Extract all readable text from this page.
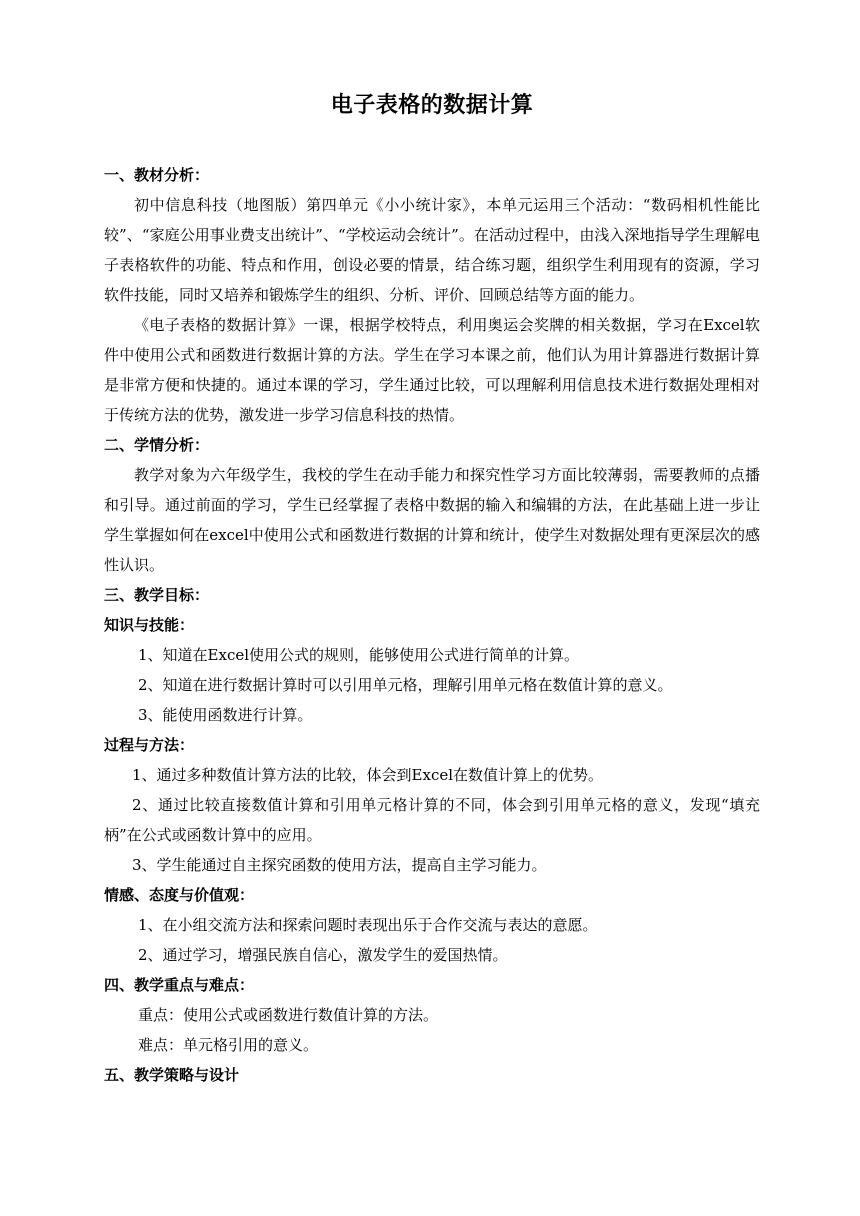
电子表格的数据计算

一、教材分析：

初中信息科技（地图版）第四单元《小小统计家》，本单元运用三个活动：“数码相机性能比较”、“家庭公用事业费支出统计”、“学校运动会统计”。在活动过程中，由浅入深地指导学生理解电子表格软件的功能、特点和作用，创设必要的情景，结合练习题，组织学生利用现有的资源，学习软件技能，同时又培养和锻炼学生的组织、分析、评价、回顾总结等方面的能力。

《电子表格的数据计算》一课，根据学校特点，利用奥运会奖牌的相关数据，学习在Excel软件中使用公式和函数进行数据计算的方法。学生在学习本课之前，他们认为用计算器进行数据计算是非常方便和快捷的。通过本课的学习，学生通过比较，可以理解利用信息技术进行数据处理相对于传统方法的优势，激发进一步学习信息科技的热情。

二、学情分析：

教学对象为六年级学生，我校的学生在动手能力和探究性学习方面比较薄弱，需要教师的点播和引导。通过前面的学习，学生已经掌握了表格中数据的输入和编辑的方法，在此基础上进一步让学生掌握如何在excel中使用公式和函数进行数据的计算和统计，使学生对数据处理有更深层次的感性认识。

三、教学目标：

知识与技能：

1、知道在Excel使用公式的规则，能够使用公式进行简单的计算。

2、知道在进行数据计算时可以引用单元格，理解引用单元格在数值计算的意义。

3、能使用函数进行计算。

过程与方法：

1、通过多种数值计算方法的比较，体会到Excel在数值计算上的优势。

2、通过比较直接数值计算和引用单元格计算的不同，体会到引用单元格的意义，发现“填充柄”在公式或函数计算中的应用。

3、学生能通过自主探究函数的使用方法，提高自主学习能力。

情感、态度与价值观：

1、在小组交流方法和探索问题时表现出乐于合作交流与表达的意愿。

2、通过学习，增强民族自信心，激发学生的爱国热情。

四、教学重点与难点：

重点：使用公式或函数进行数值计算的方法。

难点：单元格引用的意义。

五、教学策略与设计
